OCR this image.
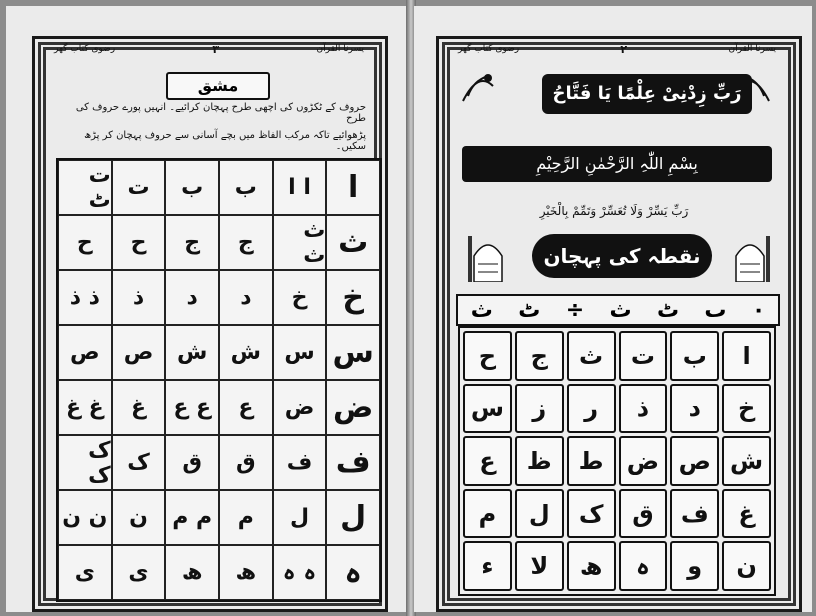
یسرنا القرآن
٣
رضوی کتاب گھر
مشق
حروف کے ٹکڑوں کی اچھی طرح پہچان کرائیے۔ انہیں پورے حروف کی طرح
پڑھوائیے تاکہ مرکب الفاظ میں بچے آسانی سے حروف پہچان کر پڑھ سکیں۔
ا
ا ا
ب
ب
ت
ت ٹ
ث
ث ث
ج
ج
ح
ح
خ
خ
د
د
ذ
ذ ذ
س
س
ش
ش
ص
ص
ض
ض
ع
ع ع
غ
غ غ
ف
ف
ق
ق
ک
ک ک
ل
ل
م
م م
ن
ن ن
ہ
ہ ہ
ھ
ھ
ی
ی
یسرنا القرآن
٢
رضوی کتاب گھر
رَبِّ زِدْنِیْ عِلْمًا یَا فَتَّاحُ
بِسْمِ اللّٰہِ الرَّحْمٰنِ الرَّحِیْمِ
رَبِّ یَسِّرْ وَلَا تُعَسِّرْ وَتَمِّمْ بِالْخَیْرِ
نقطہ کی پہچان
٠
ٮ
ٹ
ث
÷
ٹ
ث
ا
ب
ت
ث
ج
ح
خ
د
ذ
ر
ز
س
ش
ص
ض
ط
ظ
ع
غ
ف
ق
ک
ل
م
ن
و
ہ
ھ
لا
ء
